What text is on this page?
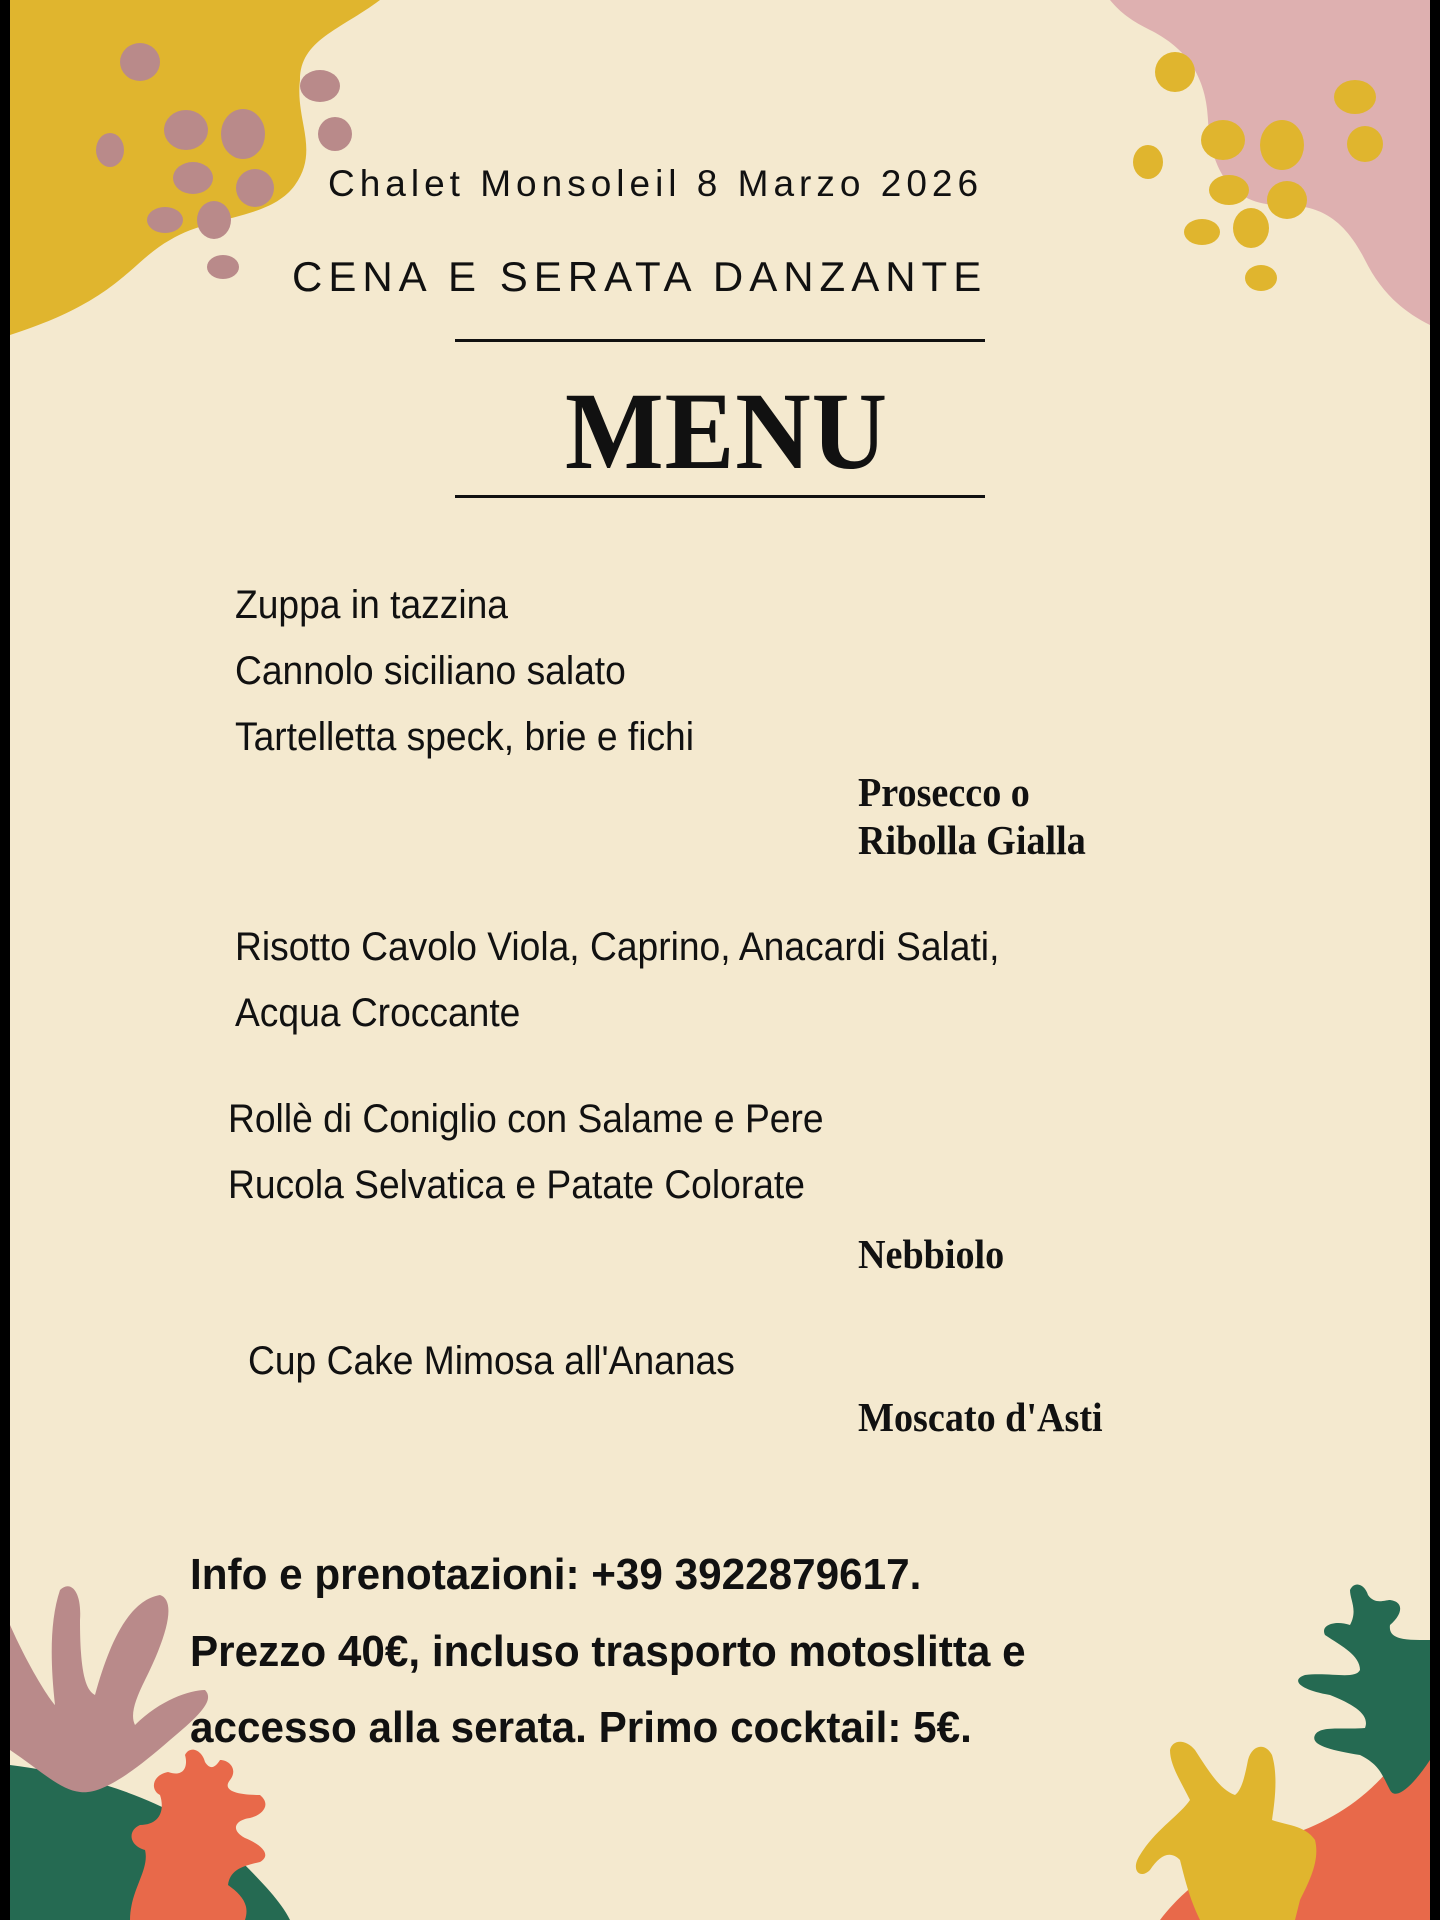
Chalet Monsoleil 8 Marzo 2026
CENA E SERATA DANZANTE
MENU
Zuppa in tazzina
Cannolo siciliano salato
Tartelletta speck, brie e fichi
Prosecco o
Ribolla Gialla
Risotto Cavolo Viola, Caprino, Anacardi Salati,
Acqua Croccante
Rollè di Coniglio con Salame e Pere
Rucola Selvatica e Patate Colorate
Nebbiolo
Cup Cake Mimosa all'Ananas
Moscato d'Asti
Info e prenotazioni: +39 3922879617.
Prezzo 40€, incluso trasporto motoslitta e
accesso alla serata. Primo cocktail: 5€.
